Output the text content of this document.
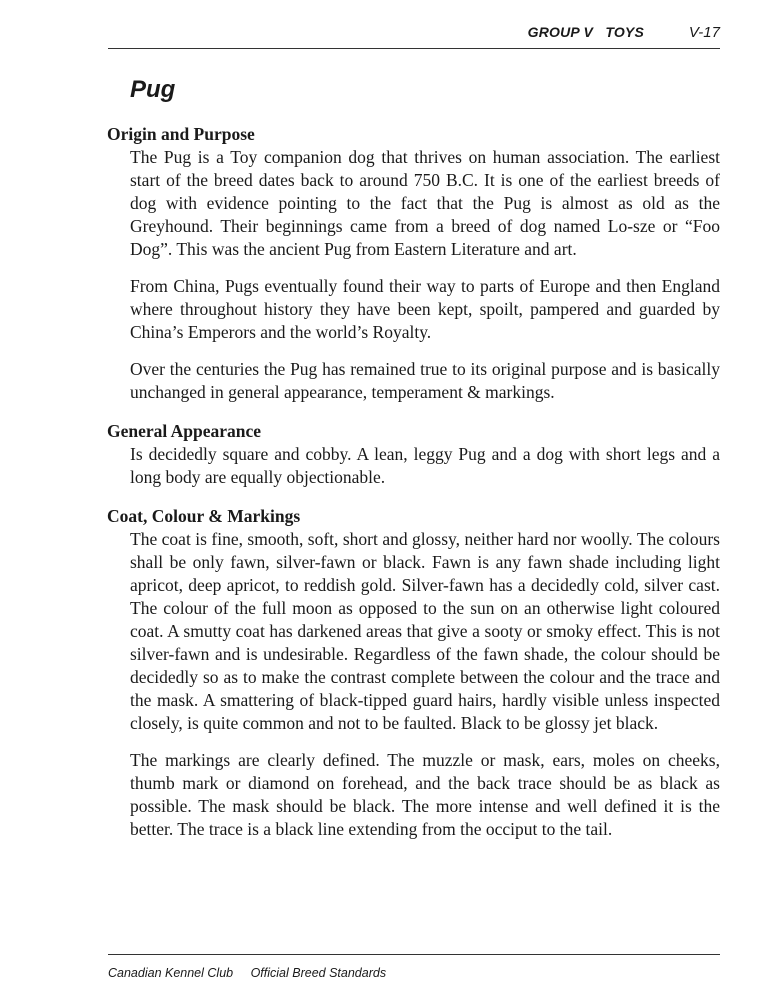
GROUP V   TOYS	V-17
Pug
Origin and Purpose

The Pug is a Toy companion dog that thrives on human association. The earliest start of the breed dates back to around 750 B.C. It is one of the earliest breeds of dog with evidence pointing to the fact that the Pug is almost as old as the Greyhound. Their beginnings came from a breed of dog named Lo-sze or “Foo Dog”. This was the ancient Pug from Eastern Literature and art.

From China, Pugs eventually found their way to parts of Europe and then England where throughout history they have been kept, spoilt, pampered and guarded by China’s Emperors and the world’s Royalty.

Over the centuries the Pug has remained true to its original purpose and is basically unchanged in general appearance, temperament & markings.

General Appearance

Is decidedly square and cobby. A lean, leggy Pug and a dog with short legs and a long body are equally objectionable.

Coat, Colour & Markings

The coat is fine, smooth, soft, short and glossy, neither hard nor woolly. The colours shall be only fawn, silver-fawn or black. Fawn is any fawn shade including light apricot, deep apricot, to reddish gold. Silver-fawn has a decidedly cold, silver cast. The colour of the full moon as opposed to the sun on an otherwise light coloured coat. A smutty coat has darkened areas that give a sooty or smoky effect. This is not silver-fawn and is undesirable. Regardless of the fawn shade, the colour should be decidedly so as to make the contrast complete between the colour and the trace and the mask. A smattering of black-tipped guard hairs, hardly visible unless inspected closely, is quite common and not to be faulted. Black to be glossy jet black.

The markings are clearly defined. The muzzle or mask, ears, moles on cheeks, thumb mark or diamond on forehead, and the back trace should be as black as possible. The mask should be black. The more intense and well defined it is the better. The trace is a black line extending from the occiput to the tail.

Canadian Kennel Club Official Breed Standards
